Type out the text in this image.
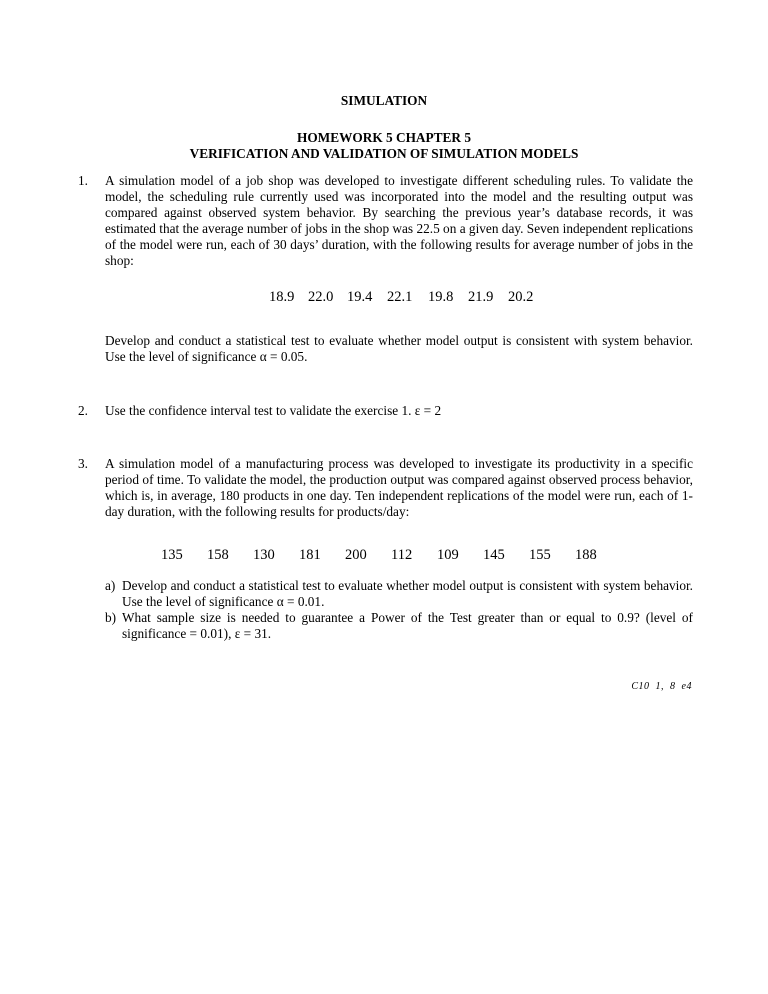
SIMULATION
HOMEWORK 5 CHAPTER 5
VERIFICATION AND VALIDATION OF SIMULATION MODELS
1. A simulation model of a job shop was developed to investigate different scheduling rules. To validate the model, the scheduling rule currently used was incorporated into the model and the resulting output was compared against observed system behavior. By searching the previous year’s database records, it was estimated that the average number of jobs in the shop was 22.5 on a given day. Seven independent replications of the model were run, each of 30 days’ duration, with the following results for average number of jobs in the shop:
18.9 22.0 19.4 22.1 19.8 21.9 20.2
Develop and conduct a statistical test to evaluate whether model output is consistent with system behavior. Use the level of significance α = 0.05.
2. Use the confidence interval test to validate the exercise 1. ε = 2
3. A simulation model of a manufacturing process was developed to investigate its productivity in a specific period of time. To validate the model, the production output was compared against observed process behavior, which is, in average, 180 products in one day. Ten independent replications of the model were run, each of 1-day duration, with the following results for products/day:
135 158 130 181 200 112 109 145 155 188
a) Develop and conduct a statistical test to evaluate whether model output is consistent with system behavior. Use the level of significance α = 0.01.
b) What sample size is needed to guarantee a Power of the Test greater than or equal to 0.9? (level of significance = 0.01), ε = 31.
C10 1, 8 e4
